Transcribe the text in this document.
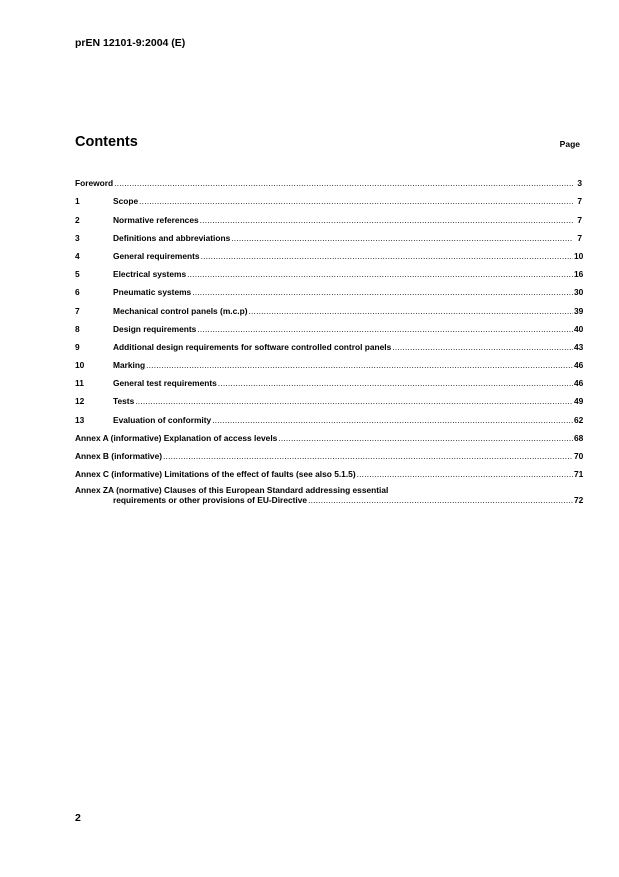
prEN 12101-9:2004 (E)
Contents	Page
Foreword .....	3
1	Scope .....	7
2	Normative references .....	7
3	Definitions and abbreviations .....	7
4	General requirements .....	10
5	Electrical systems .....	16
6	Pneumatic systems .....	30
7	Mechanical control panels (m.c.p) .....	39
8	Design requirements .....	40
9	Additional design requirements for software controlled control panels .....	43
10	Marking .....	46
11	General test requirements .....	46
12	Tests .....	49
13	Evaluation of conformity .....	62
Annex A (informative) Explanation of access levels .....	68
Annex B (informative) .....	70
Annex C (informative) Limitations of the effect of faults (see also 5.1.5) .....	71
Annex ZA (normative) Clauses of this European Standard addressing essential
requirements or other provisions of EU-Directive .....	72
2
